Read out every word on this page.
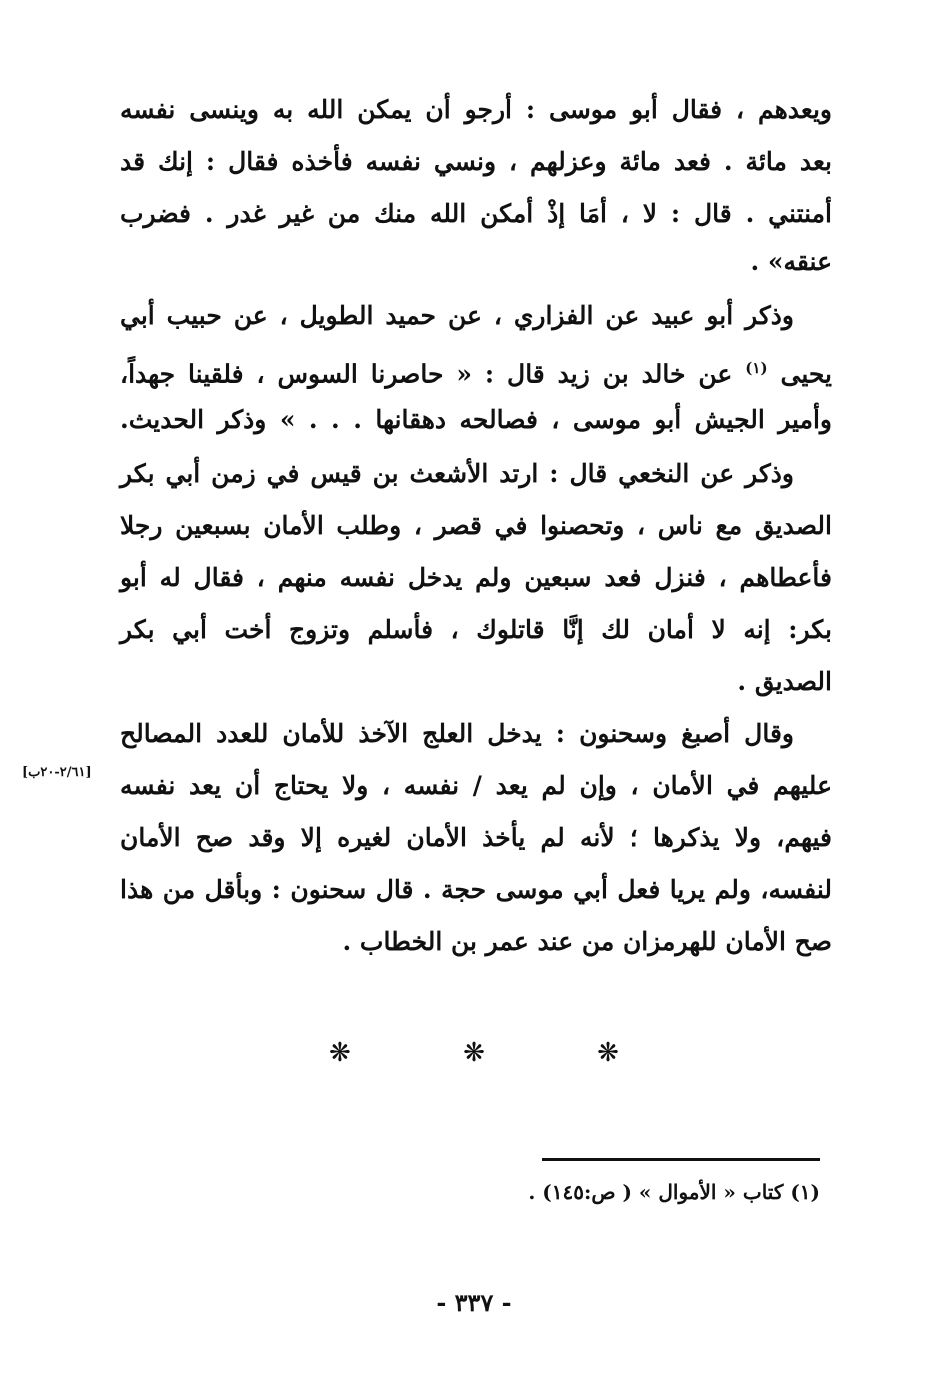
ويعدهم ، فقال أبو موسى : أرجو أن يمكن الله به وينسى نفسه
بعد مائة . فعد مائة وعزلهم ، ونسي نفسه فأخذه فقال : إنك قد
أمنتني . قال : لا ، أمَا إذْ أمكن الله منك من غير غدر . فضرب
عنقه» .
وذكر أبو عبيد عن الفزاري ، عن حميد الطويل ، عن حبيب أبي
يحيى $^{(١)}$ عن خالد بن زيد قال : « حاصرنا السوس ، فلقينا جهداً،
وأمير الجيش أبو موسى ، فصالحه دهقانها . . . » وذكر الحديث.
وذكر عن النخعي قال : ارتد الأشعث بن قيس في زمن أبي بكر
الصديق مع ناس ، وتحصنوا في قصر ، وطلب الأمان بسبعين رجلا
فأعطاهم ، فنزل فعد سبعين ولم يدخل نفسه منهم ، فقال له أبو
بكر: إنه لا أمان لك إنَّا قاتلوك ، فأسلم وتزوج أخت أبي بكر
الصديق .
وقال أصبغ وسحنون : يدخل العلج الآخذ للأمان للعدد المصالح
عليهم في الأمان ، وإن لم يعد / نفسه ، ولا يحتاج أن يعد نفسه
فيهم، ولا يذكرها ؛ لأنه لم يأخذ الأمان لغيره إلا وقد صح الأمان
لنفسه، ولم يريا فعل أبي موسى حجة . قال سحنون : وبأقل من هذا
صح الأمان للهرمزان من عند عمر بن الخطاب .
[٢/٦١-٢٠ب]
❋ ❋ ❋
(١) كتاب « الأموال » ( ص:١٤٥) .
- ٣٣٧ -
